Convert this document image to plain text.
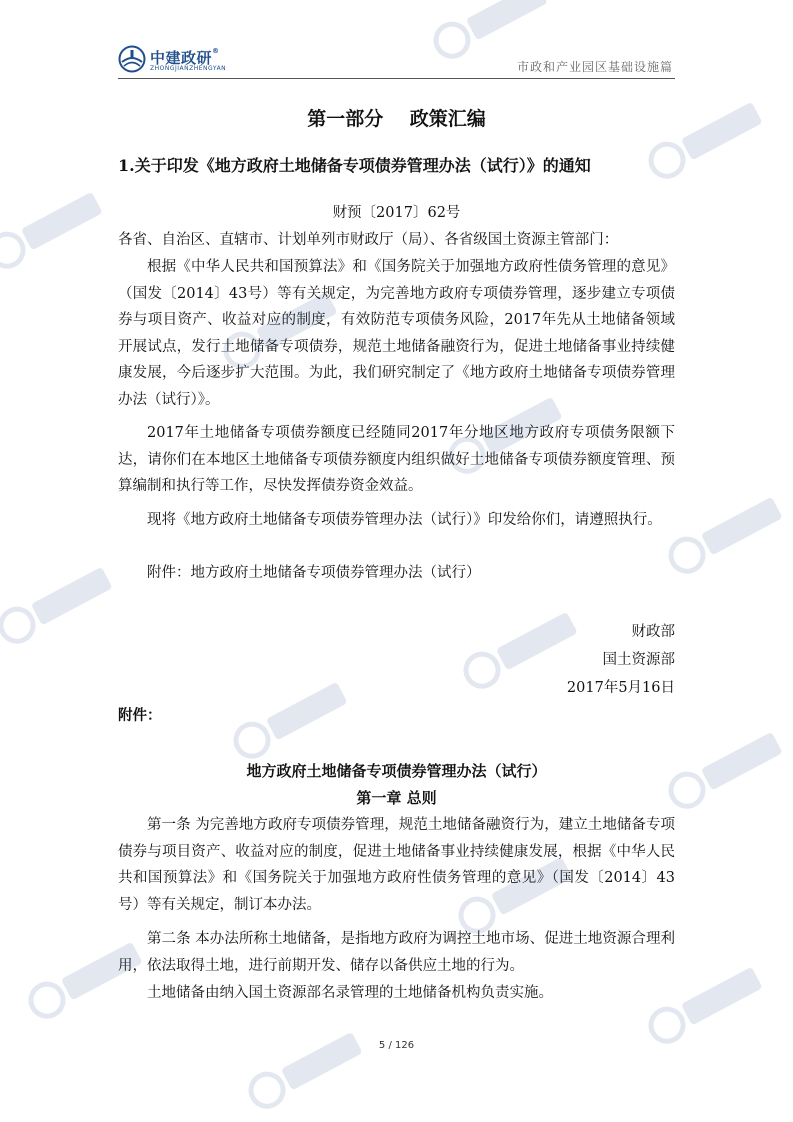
中建政研®
ZHONGJIANZHENGYAN	市政和产业园区基础设施篇
第一部分    政策汇编
1.关于印发《地方政府土地储备专项债券管理办法（试行）》的通知
财预〔2017〕62号
各省、自治区、直辖市、计划单列市财政厅（局）、各省级国土资源主管部门：

根据《中华人民共和国预算法》和《国务院关于加强地方政府性债务管理的意见》（国发〔2014〕43号）等有关规定，为完善地方政府专项债券管理，逐步建立专项债券与项目资产、收益对应的制度，有效防范专项债务风险，2017年先从土地储备领域开展试点，发行土地储备专项债券，规范土地储备融资行为，促进土地储备事业持续健康发展，今后逐步扩大范围。为此，我们研究制定了《地方政府土地储备专项债券管理办法（试行）》。

2017年土地储备专项债券额度已经随同2017年分地区地方政府专项债务限额下达，请你们在本地区土地储备专项债券额度内组织做好土地储备专项债券额度管理、预算编制和执行等工作，尽快发挥债券资金效益。

现将《地方政府土地储备专项债券管理办法（试行）》印发给你们，请遵照执行。

附件：地方政府土地储备专项债券管理办法（试行）

财政部
国土资源部
2017年5月16日
附件：
地方政府土地储备专项债券管理办法（试行）
第一章 总则

第一条 为完善地方政府专项债券管理，规范土地储备融资行为，建立土地储备专项债券与项目资产、收益对应的制度，促进土地储备事业持续健康发展，根据《中华人民共和国预算法》和《国务院关于加强地方政府性债务管理的意见》（国发〔2014〕43号）等有关规定，制订本办法。

第二条 本办法所称土地储备，是指地方政府为调控土地市场、促进土地资源合理利用，依法取得土地，进行前期开发、储存以备供应土地的行为。

土地储备由纳入国土资源部名录管理的土地储备机构负责实施。

5 / 126
